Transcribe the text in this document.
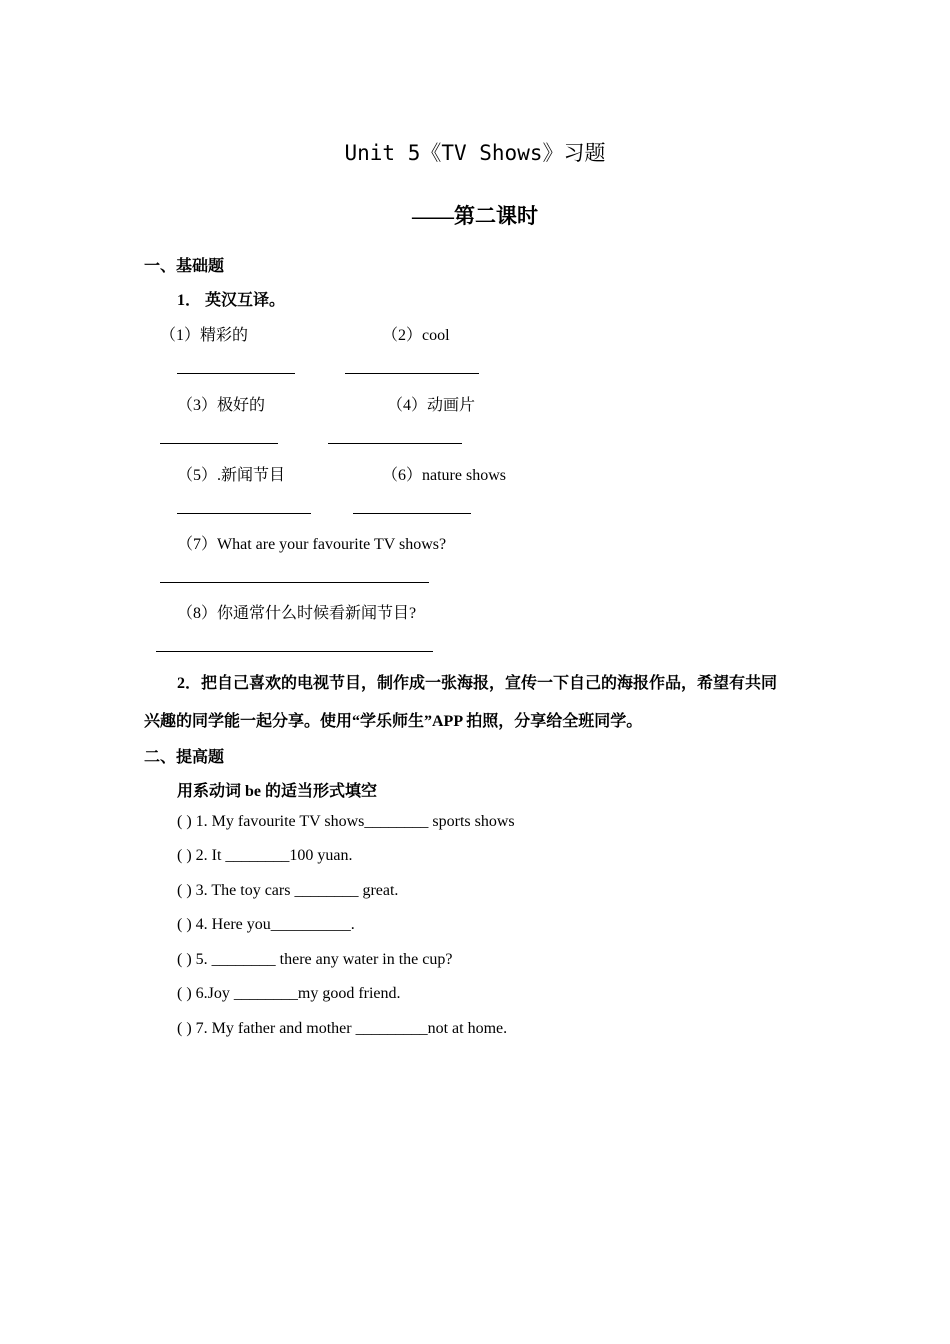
Unit 5《TV Shows》习题
——第二课时
一、基础题
1． 英汉互译。
（1）精彩的	（2）cool
（3）极好的	（4）动画片
（5）.新闻节目	（6）nature shows
（7）What are your favourite TV shows?
（8）你通常什么时候看新闻节目?
2．把自己喜欢的电视节目，制作成一张海报，宣传一下自己的海报作品，希望有共同
兴趣的同学能一起分享。使用“学乐师生”APP 拍照，分享给全班同学。
二、提高题
用系动词 be 的适当形式填空
( ) 1. My favourite TV shows________ sports shows
( ) 2. It ________100 yuan.
( ) 3. The toy cars ________ great.
( ) 4. Here you__________.
( ) 5. ________ there any water in the cup?
( ) 6.Joy ________my good friend.
( ) 7. My father and mother _________not at home.
